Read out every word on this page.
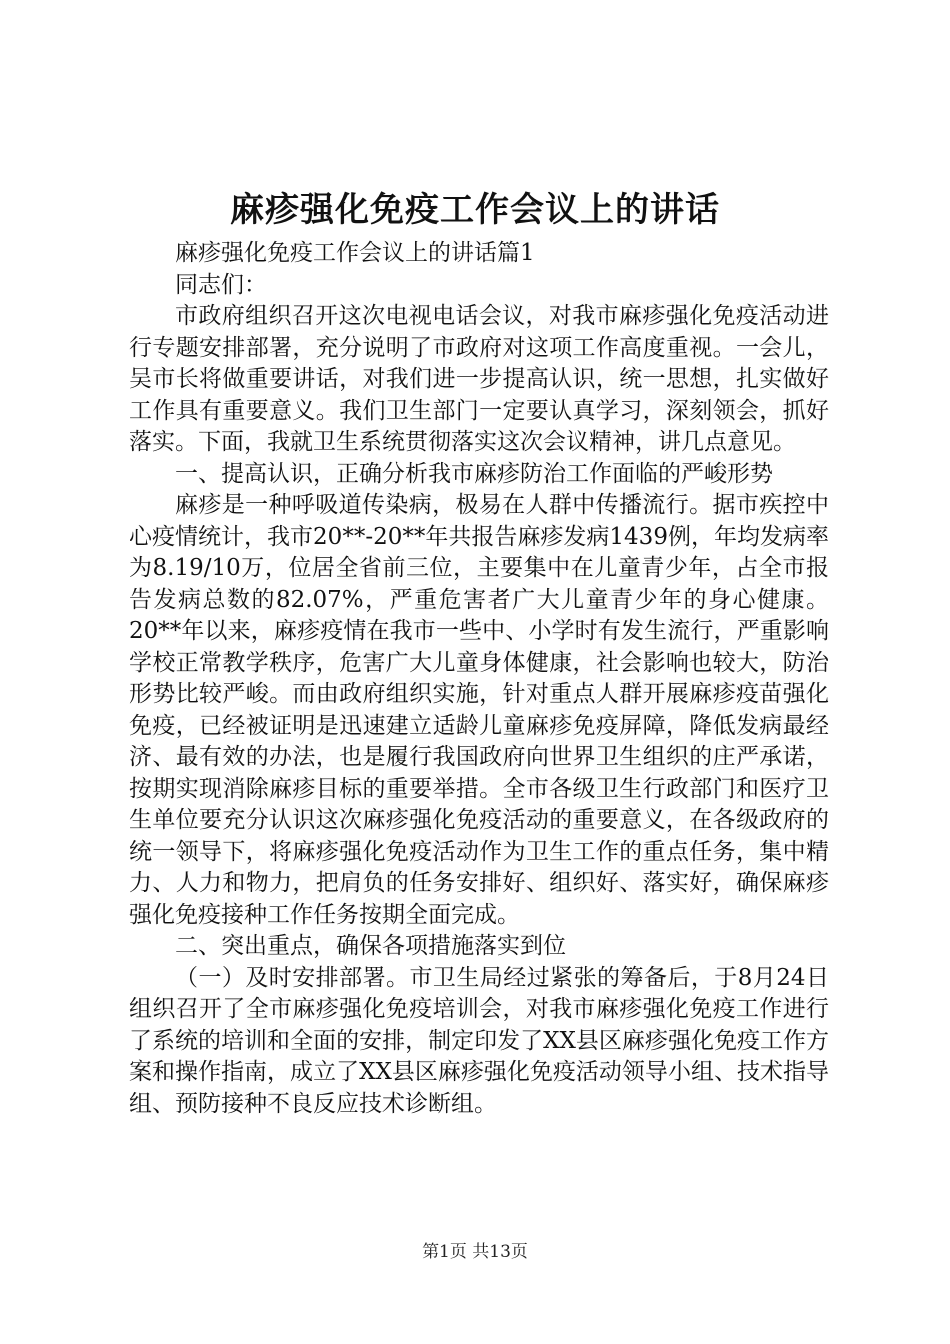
麻疹强化免疫工作会议上的讲话

麻疹强化免疫工作会议上的讲话篇1

同志们：

市政府组织召开这次电视电话会议，对我市麻疹强化免疫活动进行专题安排部署，充分说明了市政府对这项工作高度重视。一会儿，吴市长将做重要讲话，对我们进一步提高认识，统一思想，扎实做好工作具有重要意义。我们卫生部门一定要认真学习，深刻领会，抓好落实。下面，我就卫生系统贯彻落实这次会议精神，讲几点意见。

一、提高认识，正确分析我市麻疹防治工作面临的严峻形势

麻疹是一种呼吸道传染病，极易在人群中传播流行。据市疾控中心疫情统计，我市20**-20**年共报告麻疹发病1439例，年均发病率为8.19/10万，位居全省前三位，主要集中在儿童青少年，占全市报告发病总数的82.07%，严重危害者广大儿童青少年的身心健康。20**年以来，麻疹疫情在我市一些中、小学时有发生流行，严重影响学校正常教学秩序，危害广大儿童身体健康，社会影响也较大，防治形势比较严峻。而由政府组织实施，针对重点人群开展麻疹疫苗强化免疫，已经被证明是迅速建立适龄儿童麻疹免疫屏障，降低发病最经济、最有效的办法，也是履行我国政府向世界卫生组织的庄严承诺，按期实现消除麻疹目标的重要举措。全市各级卫生行政部门和医疗卫生单位要充分认识这次麻疹强化免疫活动的重要意义，在各级政府的统一领导下，将麻疹强化免疫活动作为卫生工作的重点任务，集中精力、人力和物力，把肩负的任务安排好、组织好、落实好，确保麻疹强化免疫接种工作任务按期全面完成。

二、突出重点，确保各项措施落实到位

（一）及时安排部署。市卫生局经过紧张的筹备后，于8月24日组织召开了全市麻疹强化免疫培训会，对我市麻疹强化免疫工作进行了系统的培训和全面的安排，制定印发了XX县区麻疹强化免疫工作方案和操作指南，成立了XX县区麻疹强化免疫活动领导小组、技术指导组、预防接种不良反应技术诊断组。

第1页 共13页
